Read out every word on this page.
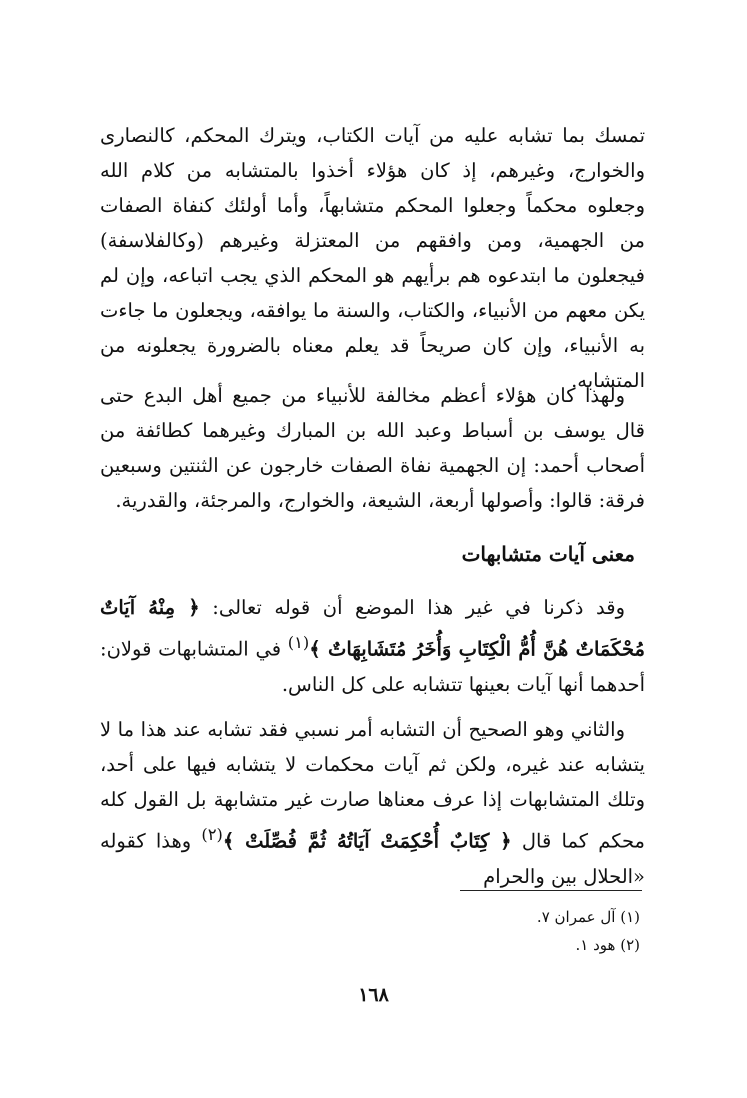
تمسك بما تشابه عليه من آيات الكتاب، ويترك المحكم، كالنصارى والخوارج، وغيرهم، إذ كان هؤلاء أخذوا بالمتشابه من كلام الله وجعلوه محكماً وجعلوا المحكم متشابهاً، وأما أولئك كنفاة الصفات من الجهمية، ومن وافقهم من المعتزلة وغيرهم (وكالفلاسفة) فيجعلون ما ابتدعوه هم برأيهم هو المحكم الذي يجب اتباعه، وإن لم يكن معهم من الأنبياء، والكتاب، والسنة ما يوافقه، ويجعلون ما جاءت به الأنبياء، وإن كان صريحاً قد يعلم معناه بالضرورة يجعلونه من المتشابه.

ولهذا كان هؤلاء أعظم مخالفة للأنبياء من جميع أهل البدع حتى قال يوسف بن أسباط وعبد الله بن المبارك وغيرهما كطائفة من أصحاب أحمد: إن الجهمية نفاة الصفات خارجون عن الثنتين وسبعين فرقة: قالوا: وأصولها أربعة، الشيعة، والخوارج، والمرجئة، والقدرية.

معنى آيات متشابهات

وقد ذكرنا في غير هذا الموضع أن قوله تعالى: ﴿ مِنْهُ آيَاتٌ مُحْكَمَاتٌ هُنَّ أُمُّ الْكِتَابِ وَأُخَرُ مُتَشَابِهَاتٌ ﴾$^{(١)}$ في المتشابهات قولان: أحدهما أنها آيات بعينها تتشابه على كل الناس.

والثاني وهو الصحيح أن التشابه أمر نسبي فقد تشابه عند هذا ما لا يتشابه عند غيره، ولكن ثم آيات محكمات لا يتشابه فيها على أحد، وتلك المتشابهات إذا عرف معناها صارت غير متشابهة بل القول كله محكم كما قال ﴿ كِتَابٌ أُحْكِمَتْ آيَاتُهُ ثُمَّ فُصِّلَتْ ﴾$^{(٢)}$ وهذا كقوله «الحلال بين والحرام

(١) آل عمران ٧.
(٢) هود ١.
١٦٨
